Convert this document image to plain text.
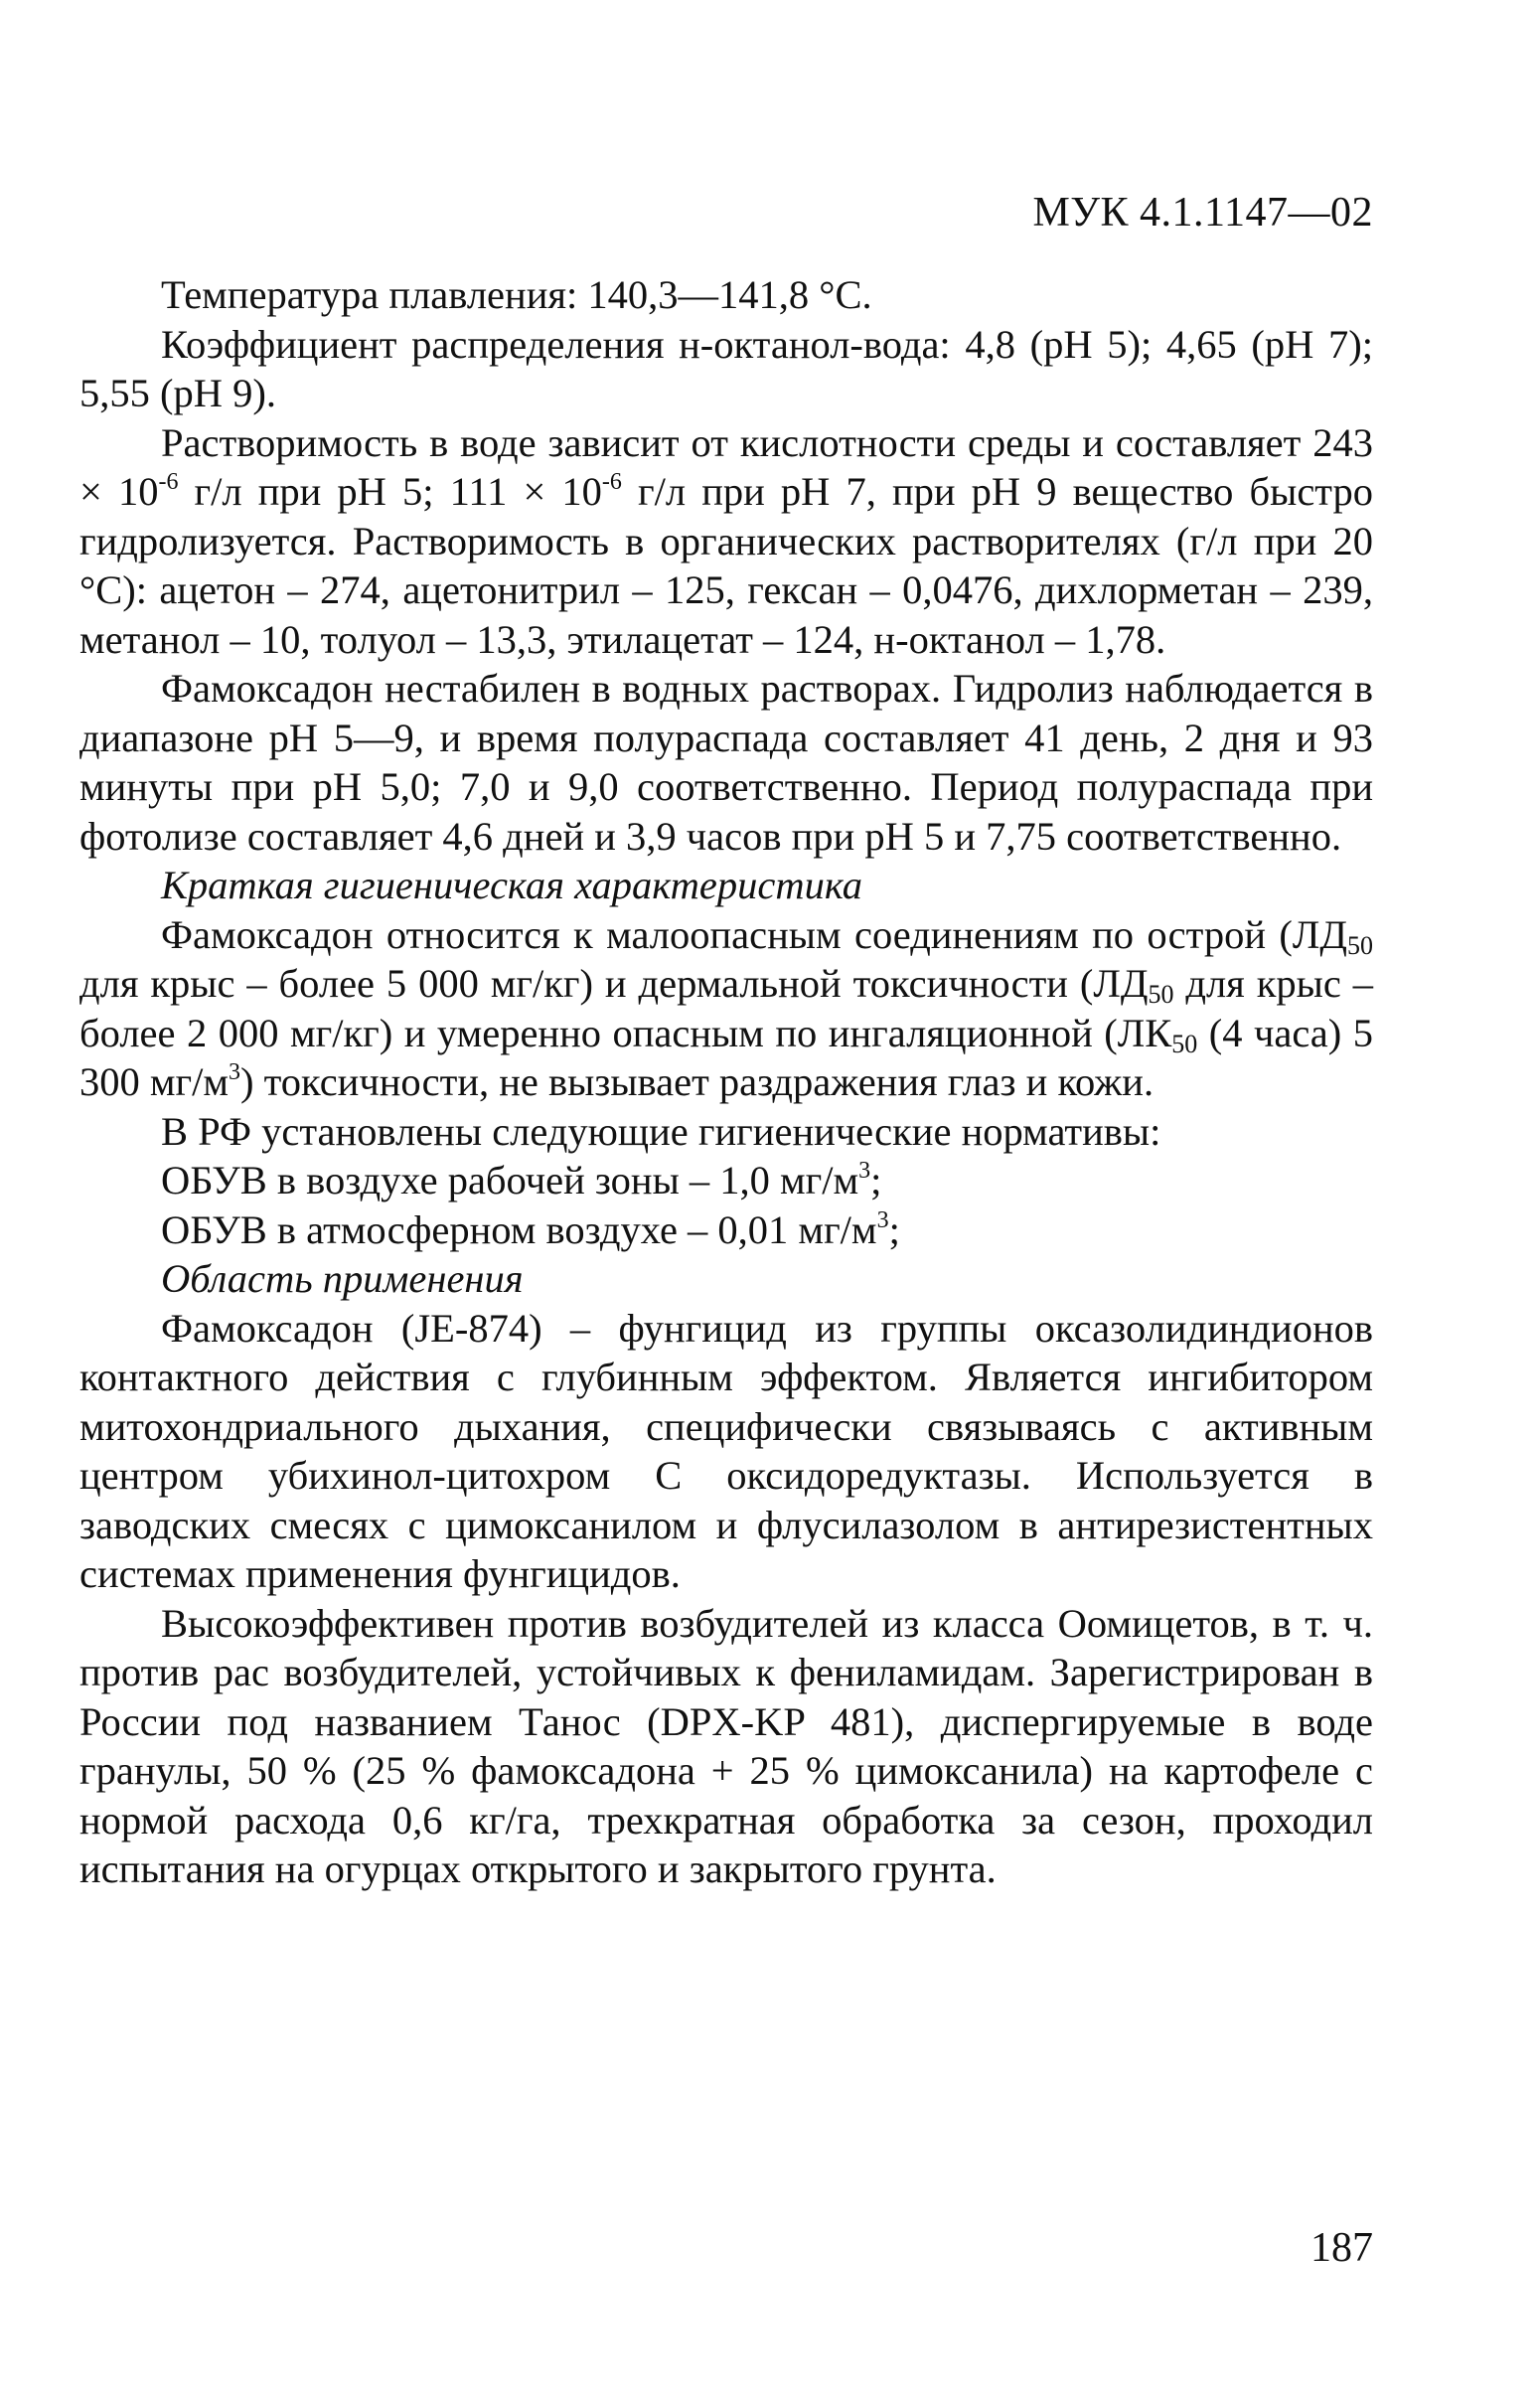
МУК 4.1.1147—02

Температура плавления: 140,3—141,8 °С.

Коэффициент распределения н-октанол-вода: 4,8 (рН 5); 4,65 (рН 7); 5,55 (рН 9).

Растворимость в воде зависит от кислотности среды и составляет $243 \times 10^{-6}$ г/л при рН 5; $111 \times 10^{-6}$ г/л при рН 7, при рН 9 вещество быстро гидролизуется. Растворимость в органических растворителях (г/л при 20 °С): ацетон – 274, ацетонитрил – 125, гексан – 0,0476, дихлорметан – 239, метанол – 10, толуол – 13,3, этилацетат – 124, н-октанол – 1,78.

Фамоксадон нестабилен в водных растворах. Гидролиз наблюдается в диапазоне рН 5—9, и время полураспада составляет 41 день, 2 дня и 93 минуты при рН 5,0; 7,0 и 9,0 соответственно. Период полураспада при фотолизе составляет 4,6 дней и 3,9 часов при рН 5 и 7,75 соответственно.

Краткая гигиеническая характеристика

Фамоксадон относится к малоопасным соединениям по острой ($ЛД_{50}$ для крыс – более 5 000 мг/кг) и дермальной токсичности ($ЛД_{50}$ для крыс – более 2 000 мг/кг) и умеренно опасным по ингаляционной ($ЛК_{50}$ (4 часа) 5 300 $мг/м^3$) токсичности, не вызывает раздражения глаз и кожи.

В РФ установлены следующие гигиенические нормативы:

ОБУВ в воздухе рабочей зоны – 1,0 $мг/м^3$;

ОБУВ в атмосферном воздухе – 0,01 $мг/м^3$;

Область применения

Фамоксадон (JE-874) – фунгицид из группы оксазолидиндионов контактного действия с глубинным эффектом. Является ингибитором митохондриального дыхания, специфически связываясь с активным центром убихинол-цитохром С оксидоредуктазы. Используется в заводских смесях с цимоксанилом и флусилазолом в антирезистентных системах применения фунгицидов.

Высокоэффективен против возбудителей из класса Оомицетов, в т. ч. против рас возбудителей, устойчивых к фениламидам. Зарегистрирован в России под названием Танос (DPX-KP 481), диспергируемые в воде гранулы, 50 % (25 % фамоксадона + 25 % цимоксанила) на картофеле с нормой расхода 0,6 кг/га, трехкратная обработка за сезон, проходил испытания на огурцах открытого и закрытого грунта.

187
